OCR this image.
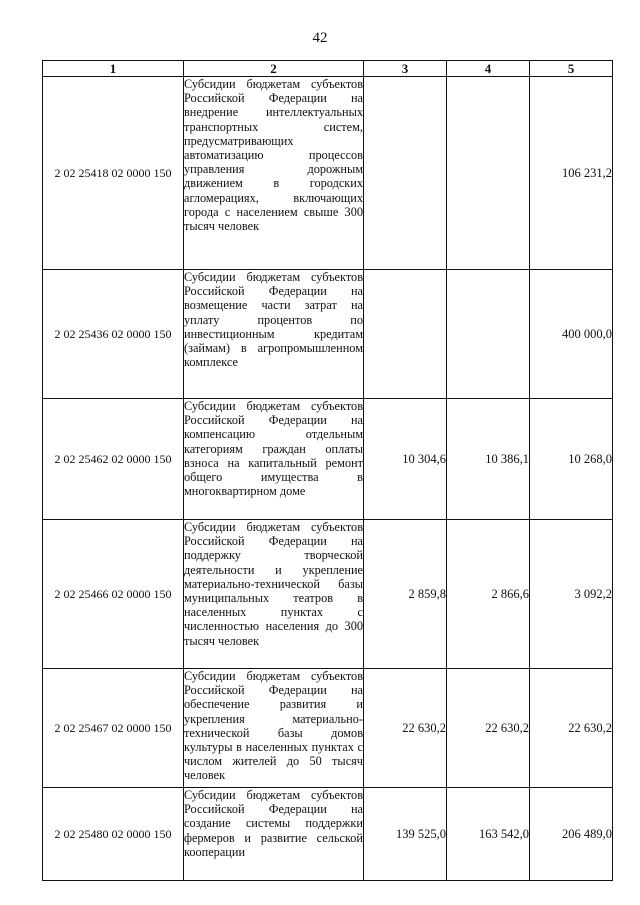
42
1	2	3	4	5
2 02 25418 02 0000 150	Субсидии бюджетам субъектов Российской Федерации на внедрение интеллектуальных транспортных систем, предусматривающих автоматизацию процессов управления дорожным движением в городских агломерациях, включающих города с населением свыше 300 тысяч человек			106 231,2
2 02 25436 02 0000 150	Субсидии бюджетам субъектов Российской Федерации на возмещение части затрат на уплату процентов по инвестиционным кредитам (займам) в агропромышленном комплексе			400 000,0
2 02 25462 02 0000 150	Субсидии бюджетам субъектов Российской Федерации на компенсацию отдельным категориям граждан оплаты взноса на капитальный ремонт общего имущества в многоквартирном доме	10 304,6	10 386,1	10 268,0
2 02 25466 02 0000 150	Субсидии бюджетам субъектов Российской Федерации на поддержку творческой деятельности и укрепление материально-технической базы муниципальных театров в населенных пунктах с численностью населения до 300 тысяч человек	2 859,8	2 866,6	3 092,2
2 02 25467 02 0000 150	Субсидии бюджетам субъектов Российской Федерации на обеспечение развития и укрепления материально-технической базы домов культуры в населенных пунктах с числом жителей до 50 тысяч человек	22 630,2	22 630,2	22 630,2
2 02 25480 02 0000 150	Субсидии бюджетам субъектов Российской Федерации на создание системы поддержки фермеров и развитие сельской кооперации	139 525,0	163 542,0	206 489,0
